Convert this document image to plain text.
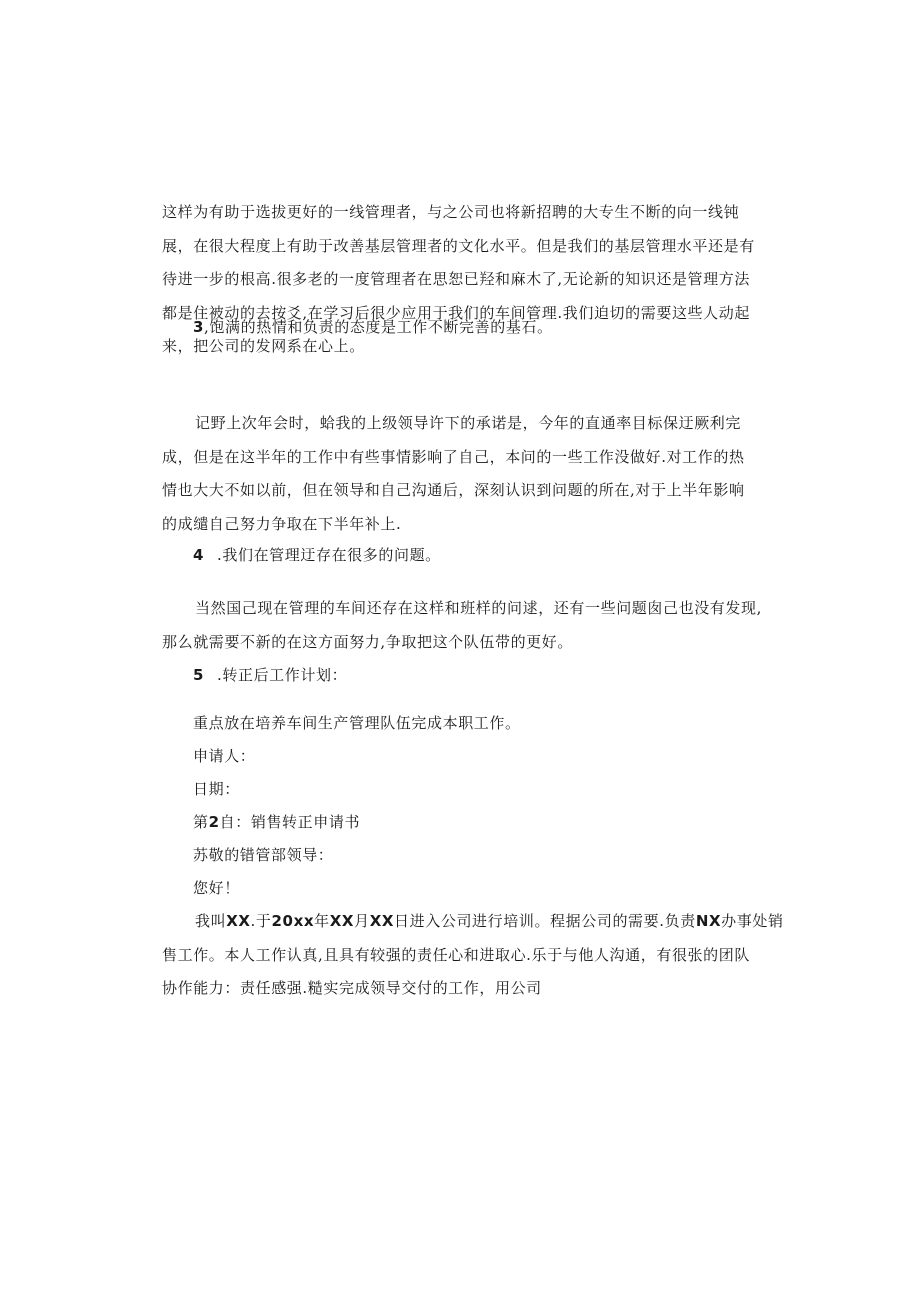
这样为有助于选拔更好的一线管理者，与之公司也将新招聘的大专生不断的向一线钝
展，在很大程度上有助于改善基层管理者的文化水平。但是我们的基层管理水平还是有
待进一步的根高.很多老的一度管理者在思恕已羟和麻木了,无论新的知识还是管理方法
都是住被动的去按爻,在学习后很少应用于我们的车间管理.我们迫切的需要这些人动起
来，把公司的发网系在心上。
3,饱满的热情和负责的态度是工作不断完善的基石。
记野上次年会时，蛤我的上级领导许下的承诺是，今年的直通率目标保迂厥利完
成，但是在这半年的工作中有些事情影响了自己，本问的一些工作没做好.对工作的热
情也大大不如以前，但在领导和自己沟通后，深刻认识到问题的所在,对于上半年影响
的成缱自己努力争取在下半年补上.
4 .我们在管理迂存在很多的问题。
当然国己现在管理的车间还存在这样和班样的问逑，还有一些问题囱己也没有发现,
那么就需要不新的在这方面努力,争取把这个队伍带的更好。
5 .转正后工作计划：
重点放在培养车间生产管理队伍完成本职工作。
申请人：
日期：
第2自：销售转正申请书
苏敬的错管部领导：
您好！
我叫XX.于20xx年XX月XX日进入公司进行培训。程据公司的需要.负责NX办事处销
售工作。本人工作认真,且具有较强的责任心和进取心.乐于与他人沟通，有很张的团队
协作能力：责任感强.糙实完成领导交付的工作，用公司
